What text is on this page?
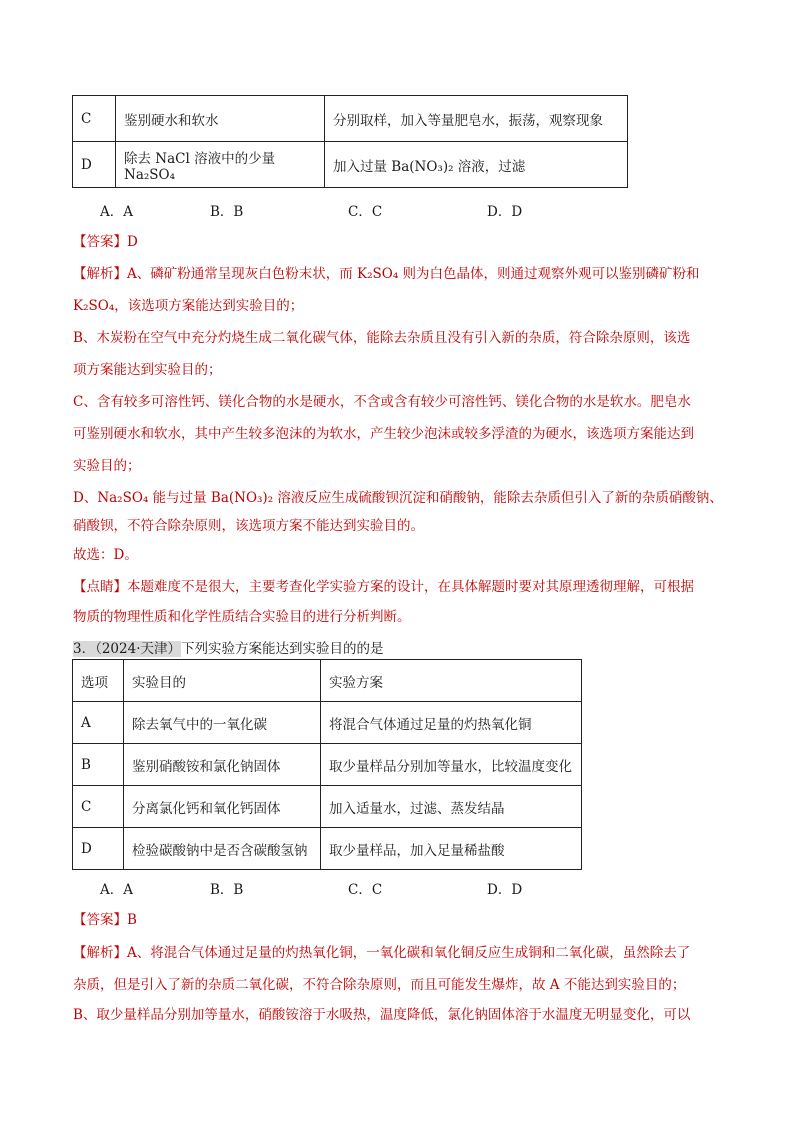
C	鉴别硬水和软水	分别取样，加入等量肥皂水，振荡，观察现象
D	除去 NaCl 溶液中的少量 Na₂SO₄	加入过量 Ba(NO₃)₂ 溶液，过滤
A．A	B．B	C．C	D．D
【答案】D
【解析】A、磷矿粉通常呈现灰白色粉末状，而 K₂SO₄ 则为白色晶体，则通过观察外观可以鉴别磷矿粉和
K₂SO₄，该选项方案能达到实验目的；
B、木炭粉在空气中充分灼烧生成二氧化碳气体，能除去杂质且没有引入新的杂质，符合除杂原则，该选
项方案能达到实验目的；
C、含有较多可溶性钙、镁化合物的水是硬水，不含或含有较少可溶性钙、镁化合物的水是软水。肥皂水
可鉴别硬水和软水，其中产生较多泡沫的为软水，产生较少泡沫或较多浮渣的为硬水，该选项方案能达到
实验目的；
D、Na₂SO₄ 能与过量 Ba(NO₃)₂ 溶液反应生成硫酸钡沉淀和硝酸钠，能除去杂质但引入了新的杂质硝酸钠、
硝酸钡，不符合除杂原则，该选项方案不能达到实验目的。
故选：D。
【点睛】本题难度不是很大，主要考查化学实验方案的设计，在具体解题时要对其原理透彻理解，可根据
物质的物理性质和化学性质结合实验目的进行分析判断。
3．（2024·天津）下列实验方案能达到实验目的的是
选项	实验目的	实验方案
A	除去氧气中的一氧化碳	将混合气体通过足量的灼热氧化铜
B	鉴别硝酸铵和氯化钠固体	取少量样品分别加等量水，比较温度变化
C	分离氯化钙和氧化钙固体	加入适量水，过滤、蒸发结晶
D	检验碳酸钠中是否含碳酸氢钠	取少量样品，加入足量稀盐酸
A．A	B．B	C．C	D．D
【答案】B
【解析】A、将混合气体通过足量的灼热氧化铜，一氧化碳和氧化铜反应生成铜和二氧化碳，虽然除去了
杂质，但是引入了新的杂质二氧化碳，不符合除杂原则，而且可能发生爆炸，故 A 不能达到实验目的；
B、取少量样品分别加等量水，硝酸铵溶于水吸热，温度降低，氯化钠固体溶于水温度无明显变化，可以
